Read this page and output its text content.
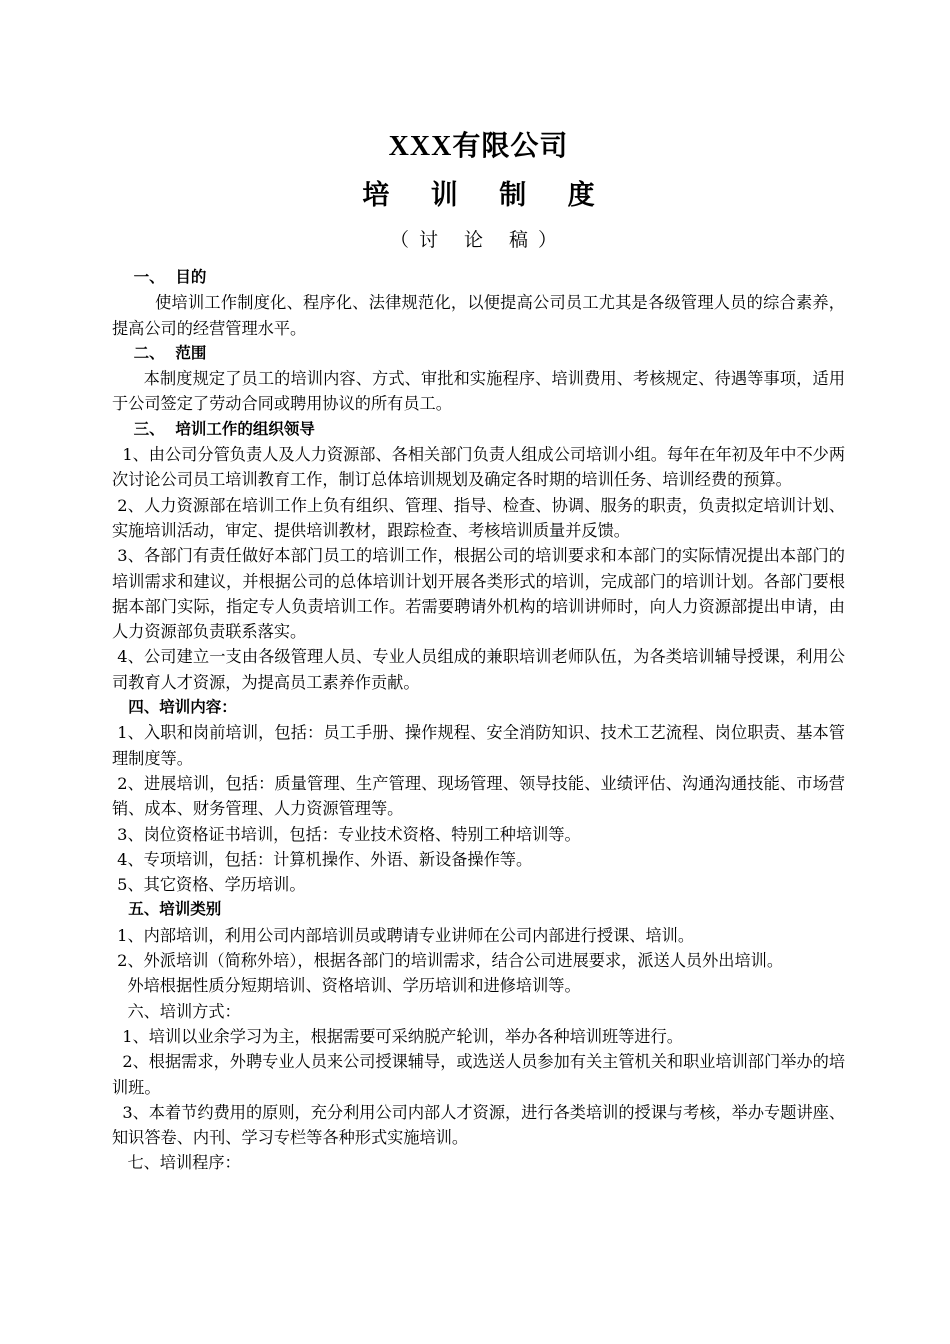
XXX有限公司
培 训 制 度
（讨 论 稿）

一、  目的

使培训工作制度化、程序化、法律规范化，以便提高公司员工尤其是各级管理人员的综合素养，提高公司的经营管理水平。

二、  范围

本制度规定了员工的培训内容、方式、审批和实施程序、培训费用、考核规定、待遇等事项，适用于公司签定了劳动合同或聘用协议的所有员工。

三、  培训工作的组织领导

1、由公司分管负责人及人力资源部、各相关部门负责人组成公司培训小组。每年在年初及年中不少两次讨论公司员工培训教育工作，制订总体培训规划及确定各时期的培训任务、培训经费的预算。

2、人力资源部在培训工作上负有组织、管理、指导、检查、协调、服务的职责，负责拟定培训计划、实施培训活动，审定、提供培训教材，跟踪检查、考核培训质量并反馈。

3、各部门有责任做好本部门员工的培训工作，根据公司的培训要求和本部门的实际情况提出本部门的培训需求和建议，并根据公司的总体培训计划开展各类形式的培训，完成部门的培训计划。各部门要根据本部门实际，指定专人负责培训工作。若需要聘请外机构的培训讲师时，向人力资源部提出申请，由人力资源部负责联系落实。

4、公司建立一支由各级管理人员、专业人员组成的兼职培训老师队伍，为各类培训辅导授课，利用公司教育人才资源，为提高员工素养作贡献。

四、培训内容：

1、入职和岗前培训，包括：员工手册、操作规程、安全消防知识、技术工艺流程、岗位职责、基本管理制度等。

2、进展培训，包括：质量管理、生产管理、现场管理、领导技能、业绩评估、沟通沟通技能、市场营销、成本、财务管理、人力资源管理等。

3、岗位资格证书培训，包括：专业技术资格、特别工种培训等。

4、专项培训，包括：计算机操作、外语、新设备操作等。

5、其它资格、学历培训。

五、培训类别

1、内部培训，利用公司内部培训员或聘请专业讲师在公司内部进行授课、培训。

2、外派培训（简称外培），根据各部门的培训需求，结合公司进展要求，派送人员外出培训。

外培根据性质分短期培训、资格培训、学历培训和进修培训等。

六、培训方式：

1、培训以业余学习为主，根据需要可采纳脱产轮训，举办各种培训班等进行。

2、根据需求，外聘专业人员来公司授课辅导，或选送人员参加有关主管机关和职业培训部门举办的培训班。

3、本着节约费用的原则，充分利用公司内部人才资源，进行各类培训的授课与考核，举办专题讲座、知识答卷、内刊、学习专栏等各种形式实施培训。

七、培训程序：
